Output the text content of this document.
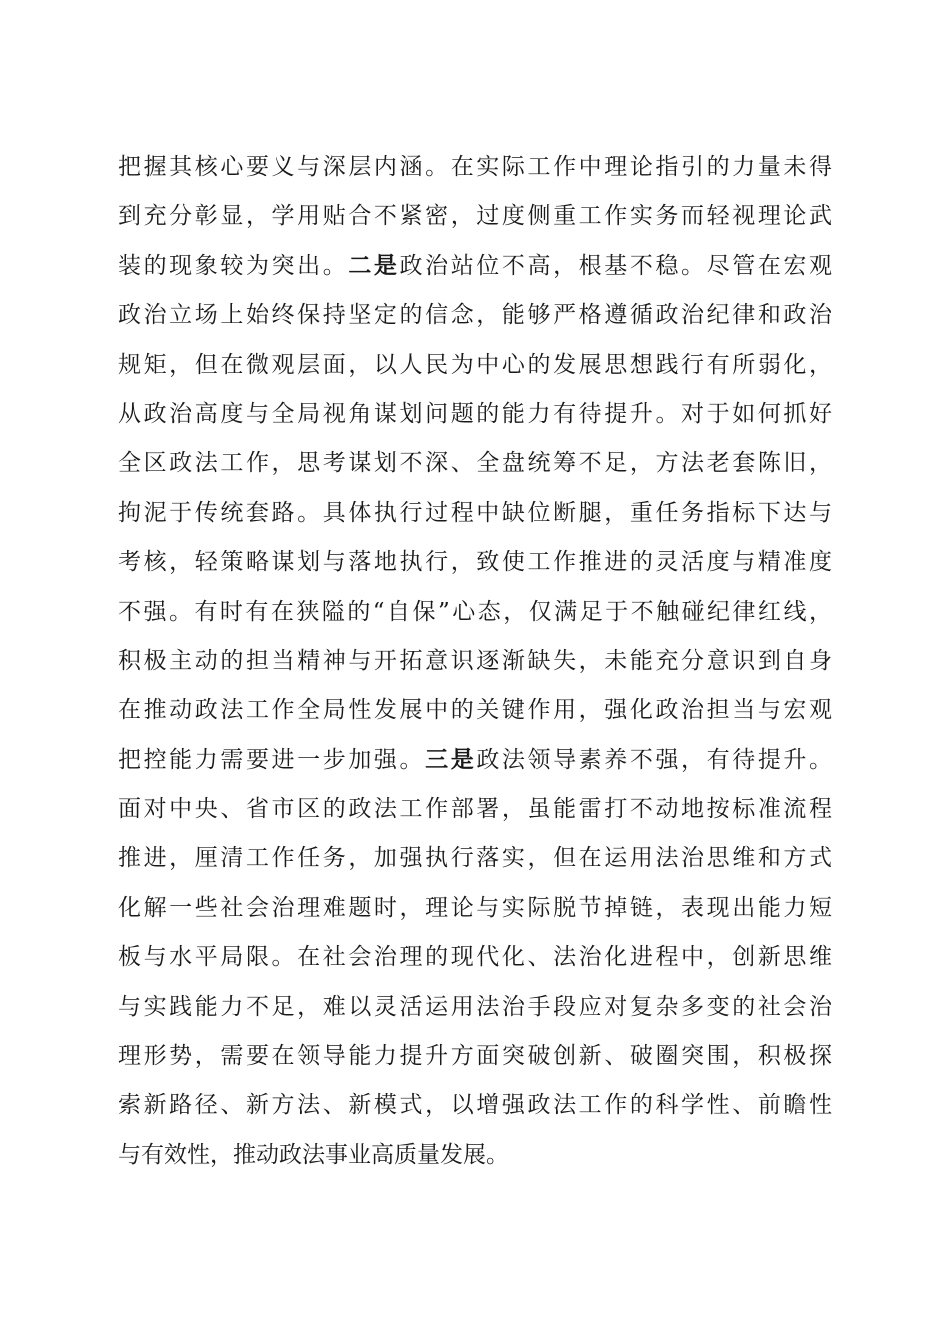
把握其核心要义与深层内涵。在实际工作中理论指引的力量未得
到充分彰显，学用贴合不紧密，过度侧重工作实务而轻视理论武
装的现象较为突出。二是政治站位不高，根基不稳。尽管在宏观
政治立场上始终保持坚定的信念，能够严格遵循政治纪律和政治
规矩，但在微观层面，以人民为中心的发展思想践行有所弱化，
从政治高度与全局视角谋划问题的能力有待提升。对于如何抓好
全区政法工作，思考谋划不深、全盘统筹不足，方法老套陈旧，
拘泥于传统套路。具体执行过程中缺位断腿，重任务指标下达与
考核，轻策略谋划与落地执行，致使工作推进的灵活度与精准度
不强。有时有在狭隘的“自保”心态，仅满足于不触碰纪律红线，
积极主动的担当精神与开拓意识逐渐缺失，未能充分意识到自身
在推动政法工作全局性发展中的关键作用，强化政治担当与宏观
把控能力需要进一步加强。三是政法领导素养不强，有待提升。
面对中央、省市区的政法工作部署，虽能雷打不动地按标准流程
推进，厘清工作任务，加强执行落实，但在运用法治思维和方式
化解一些社会治理难题时，理论与实际脱节掉链，表现出能力短
板与水平局限。在社会治理的现代化、法治化进程中，创新思维
与实践能力不足，难以灵活运用法治手段应对复杂多变的社会治
理形势，需要在领导能力提升方面突破创新、破圈突围，积极探
索新路径、新方法、新模式，以增强政法工作的科学性、前瞻性
与有效性，推动政法事业高质量发展。
